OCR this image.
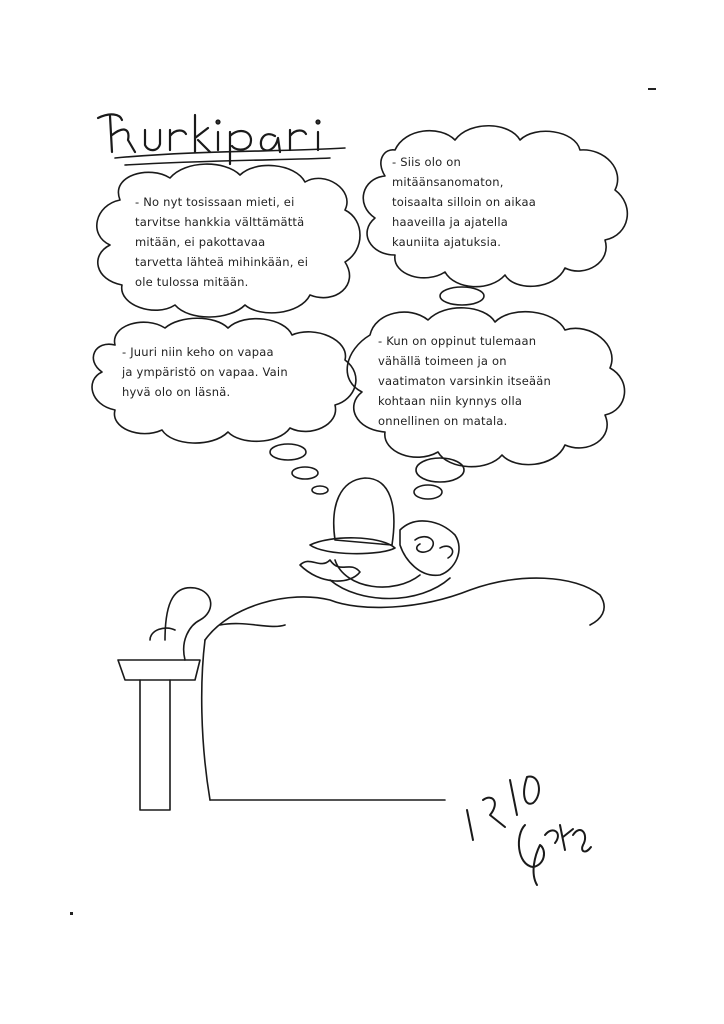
- No nyt tosissaan mieti, ei
tarvitse hankkia välttämättä
mitään, ei pakottavaa
tarvetta lähteä mihinkään, ei
ole tulossa mitään.
- Siis olo on
mitäänsanomaton,
toisaalta silloin on aikaa
haaveilla ja ajatella
kauniita ajatuksia.
- Juuri niin keho on vapaa
ja ympäristö on vapaa. Vain
hyvä olo on läsnä.
- Kun on oppinut tulemaan
vähällä toimeen ja on
vaatimaton varsinkin itseään
kohtaan niin kynnys olla
onnellinen on matala.
